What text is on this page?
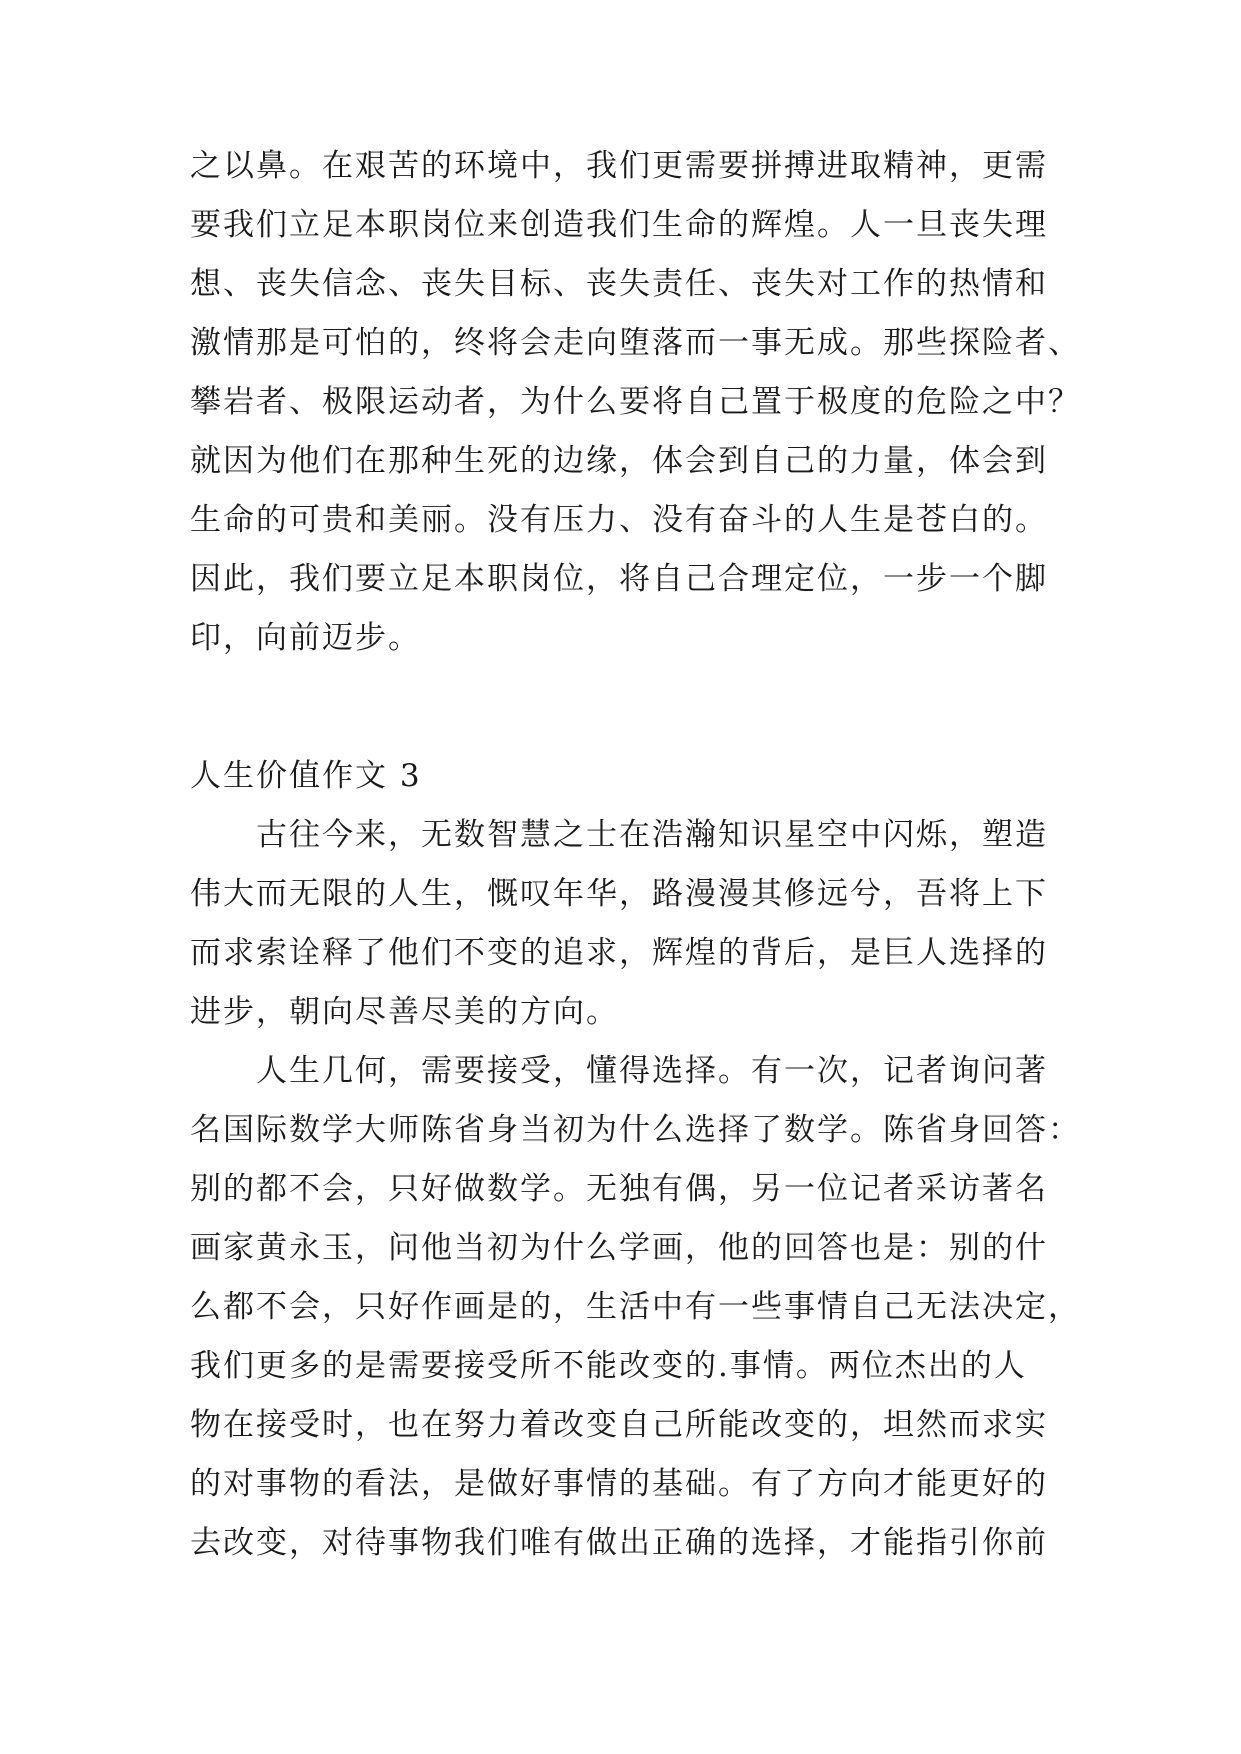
之以鼻。在艰苦的环境中，我们更需要拼搏进取精神，更需
要我们立足本职岗位来创造我们生命的辉煌。人一旦丧失理
想、丧失信念、丧失目标、丧失责任、丧失对工作的热情和
激情那是可怕的，终将会走向堕落而一事无成。那些探险者、
攀岩者、极限运动者，为什么要将自己置于极度的危险之中？
就因为他们在那种生死的边缘，体会到自己的力量，体会到
生命的可贵和美丽。没有压力、没有奋斗的人生是苍白的。
因此，我们要立足本职岗位，将自己合理定位，一步一个脚
印，向前迈步。
人生价值作文 3
古往今来，无数智慧之士在浩瀚知识星空中闪烁，塑造
伟大而无限的人生，慨叹年华，路漫漫其修远兮，吾将上下
而求索诠释了他们不变的追求，辉煌的背后，是巨人选择的
进步，朝向尽善尽美的方向。
人生几何，需要接受，懂得选择。有一次，记者询问著
名国际数学大师陈省身当初为什么选择了数学。陈省身回答：
别的都不会，只好做数学。无独有偶，另一位记者采访著名
画家黄永玉，问他当初为什么学画，他的回答也是：别的什
么都不会，只好作画是的，生活中有一些事情自己无法决定，
我们更多的是需要接受所不能改变的.事情。两位杰出的人
物在接受时，也在努力着改变自己所能改变的，坦然而求实
的对事物的看法，是做好事情的基础。有了方向才能更好的
去改变，对待事物我们唯有做出正确的选择，才能指引你前
